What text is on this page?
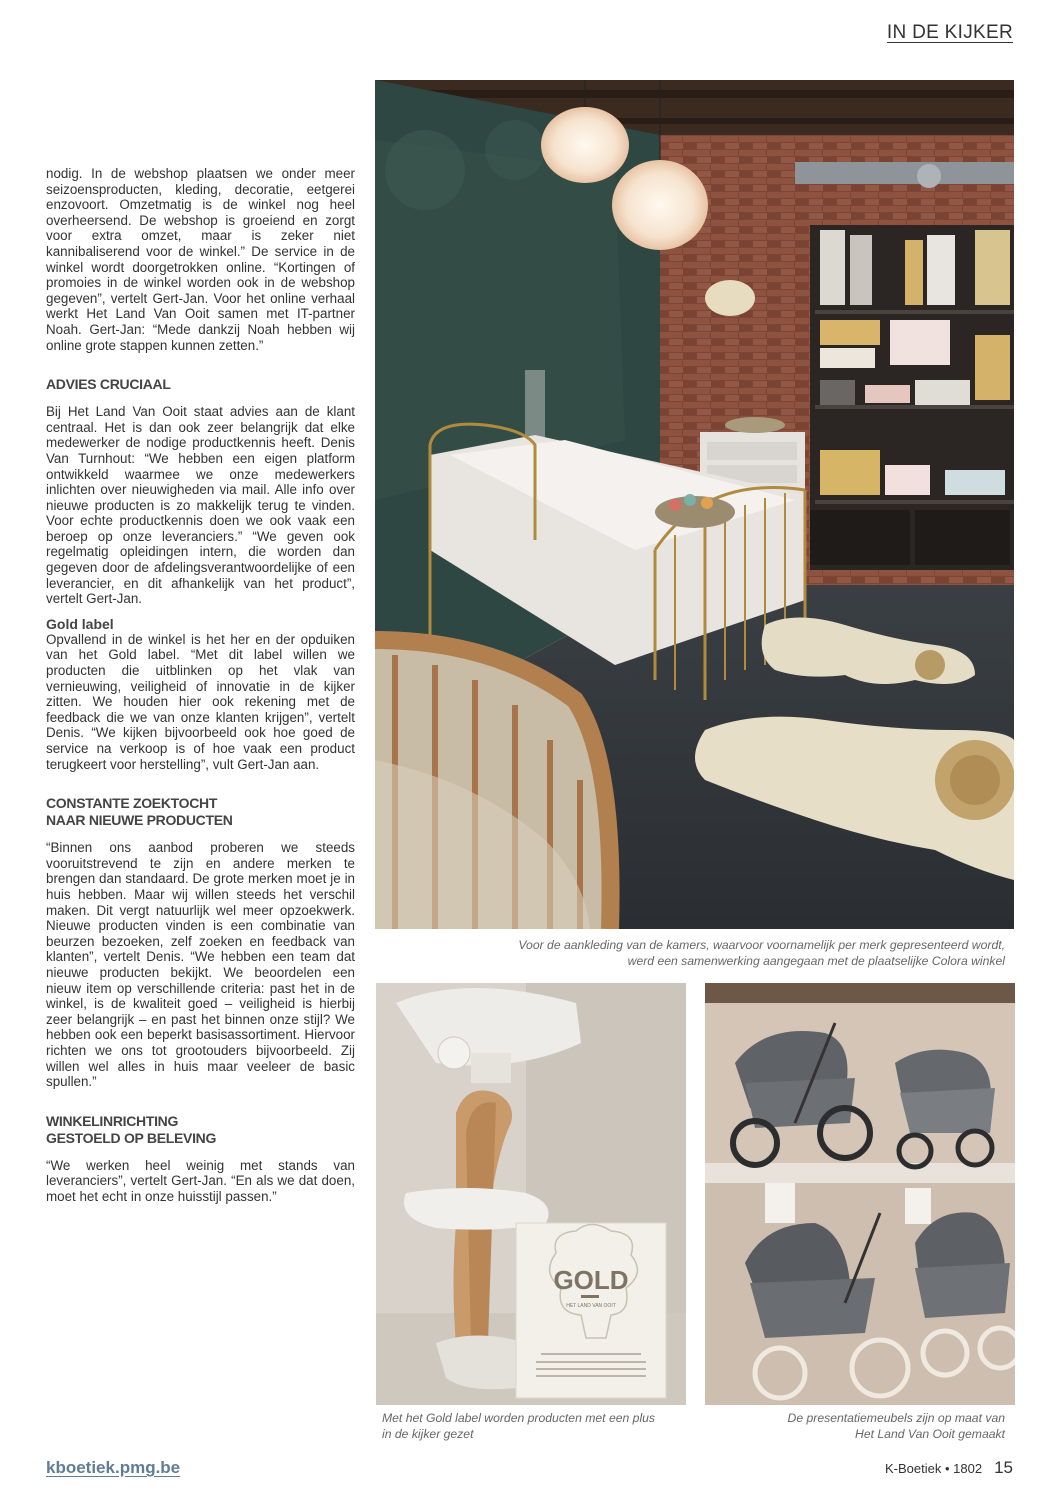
IN DE KIJKER

nodig. In de webshop plaatsen we onder meer seizoensproducten, kleding, decoratie, eetgerei enzovoort. Omzetmatig is de winkel nog heel overheersend. De webshop is groeiend en zorgt voor extra omzet, maar is zeker niet kannibaliserend voor de winkel.” De service in de winkel wordt doorgetrokken online. “Kortingen of promoies in de winkel worden ook in de webshop gegeven”, vertelt Gert-Jan. Voor het online verhaal werkt Het Land Van Ooit samen met IT-partner Noah. Gert-Jan: “Mede dankzij Noah hebben wij online grote stappen kunnen zetten.”

ADVIES CRUCIAAL

Bij Het Land Van Ooit staat advies aan de klant centraal. Het is dan ook zeer belangrijk dat elke medewerker de nodige productkennis heeft. Denis Van Turnhout: “We hebben een eigen platform ontwikkeld waarmee we onze medewerkers inlichten over nieuwigheden via mail. Alle info over nieuwe producten is zo makkelijk terug te vinden. Voor echte productkennis doen we ook vaak een beroep op onze leveranciers.” “We geven ook regelmatig opleidingen intern, die worden dan gegeven door de afdelingsverantwoordelijke of een leverancier, en dit afhankelijk van het product”, vertelt Gert-Jan.

Gold label

Opvallend in de winkel is het her en der opduiken van het Gold label. “Met dit label willen we producten die uitblinken op het vlak van vernieuwing, veiligheid of innovatie in de kijker zitten. We houden hier ook rekening met de feedback die we van onze klanten krijgen”, vertelt Denis. “We kijken bijvoorbeeld ook hoe goed de service na verkoop is of hoe vaak een product terugkeert voor herstelling”, vult Gert-Jan aan.

CONSTANTE ZOEKTOCHT
NAAR NIEUWE PRODUCTEN

“Binnen ons aanbod proberen we steeds vooruitstrevend te zijn en andere merken te brengen dan standaard. De grote merken moet je in huis hebben. Maar wij willen steeds het verschil maken. Dit vergt natuurlijk wel meer opzoekwerk. Nieuwe producten vinden is een combinatie van beurzen bezoeken, zelf zoeken en feedback van klanten”, vertelt Denis. “We hebben een team dat nieuwe producten bekijkt. We beoordelen een nieuw item op verschillende criteria: past het in de winkel, is de kwaliteit goed – veiligheid is hierbij zeer belangrijk – en past het binnen onze stijl? We hebben ook een beperkt basisassortiment. Hiervoor richten we ons tot grootouders bijvoorbeeld. Zij willen wel alles in huis maar veeleer de basic spullen.”

WINKELINRICHTING
GESTOELD OP BELEVING

“We werken heel weinig met stands van leveranciers”, vertelt Gert-Jan. “En als we dat doen, moet het echt in onze huisstijl passen.”

Voor de aankleding van de kamers, waarvoor voornamelijk per merk gepresenteerd wordt,
werd een samenwerking aangegaan met de plaatselijke Colora winkel
GOLD
HET LAND VAN OOIT
Met het Gold label worden producten met een plus
in de kijker gezet
De presentatiemeubels zijn op maat van
Het Land Van Ooit gemaakt
kboetiek.pmg.be	K-Boetiek • 1802 15
